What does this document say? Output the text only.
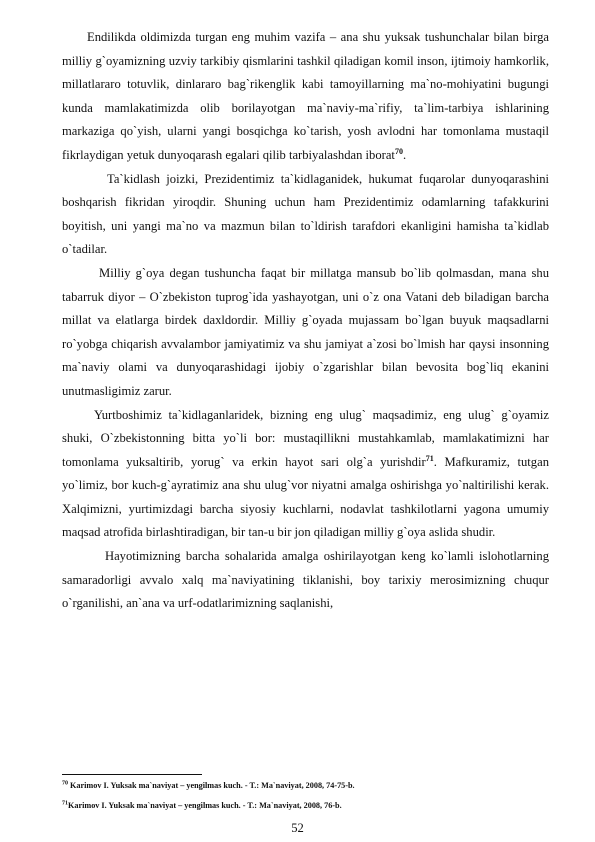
Endilikda oldimizda turgan eng muhim vazifa – ana shu yuksak tushunchalar bilan birga milliy g`oyamizning uzviy tarkibiy qismlarini tashkil qiladigan komil inson, ijtimoiy hamkorlik, millatlararo totuvlik, dinlararo bag`rikenglik kabi tamoyillarning ma`no-mohiyatini bugungi kunda mamlakatimizda olib borilayotgan ma`naviy-ma`rifiy, ta`lim-tarbiya ishlarining markaziga qo`yish, ularni yangi bosqichga ko`tarish, yosh avlodni har tomonlama mustaqil fikrlaydigan yetuk dunyoqarash egalari qilib tarbiyalashdan iborat$^{70}$.

Ta`kidlash joizki, Prezidentimiz ta`kidlaganidek, hukumat fuqarolar dunyoqarashini boshqarish fikridan yiroqdir. Shuning uchun ham Prezidentimiz odamlarning tafakkurini boyitish, uni yangi ma`no va mazmun bilan to`ldirish tarafdori ekanligini hamisha ta`kidlab o`tadilar.

Milliy g`oya degan tushuncha faqat bir millatga mansub bo`lib qolmasdan, mana shu tabarruk diyor – O`zbekiston tuprog`ida yashayotgan, uni o`z ona Vatani deb biladigan barcha millat va elatlarga birdek daxldordir. Milliy g`oyada mujassam bo`lgan buyuk maqsadlarni ro`yobga chiqarish avvalambor jamiyatimiz va shu jamiyat a`zosi bo`lmish har qaysi insonning ma`naviy olami va dunyoqarashidagi ijobiy o`zgarishlar bilan bevosita bog`liq ekanini unutmasligimiz zarur.

Yurtboshimiz ta`kidlaganlaridek, bizning eng ulug` maqsadimiz, eng ulug` g`oyamiz shuki, O`zbekistonning bitta yo`li bor: mustaqillikni mustahkamlab, mamlakatimizni har tomonlama yuksaltirib, yorug` va erkin hayot sari olg`a yurishdir$^{71}$. Mafkuramiz, tutgan yo`limiz, bor kuch-g`ayratimiz ana shu ulug`vor niyatni amalga oshirishga yo`naltirilishi kerak. Xalqimizni, yurtimizdagi barcha siyosiy kuchlarni, nodavlat tashkilotlarni yagona umumiy maqsad atrofida birlashtiradigan, bir tan-u bir jon qiladigan milliy g`oya aslida shudir.

Hayotimizning barcha sohalarida amalga oshirilayotgan keng ko`lamli islohotlarning samaradorligi avvalo xalq ma`naviyatining tiklanishi, boy tarixiy merosimizning chuqur o`rganilishi, an`ana va urf-odatlarimizning saqlanishi,

$^{70}$ Karimov I. Yuksak ma`naviyat – yengilmas kuch. - T.: Ma`naviyat, 2008, 74-75-b.

$^{71}$Karimov I. Yuksak ma`naviyat – yengilmas kuch. - T.: Ma`naviyat, 2008, 76-b.

52
